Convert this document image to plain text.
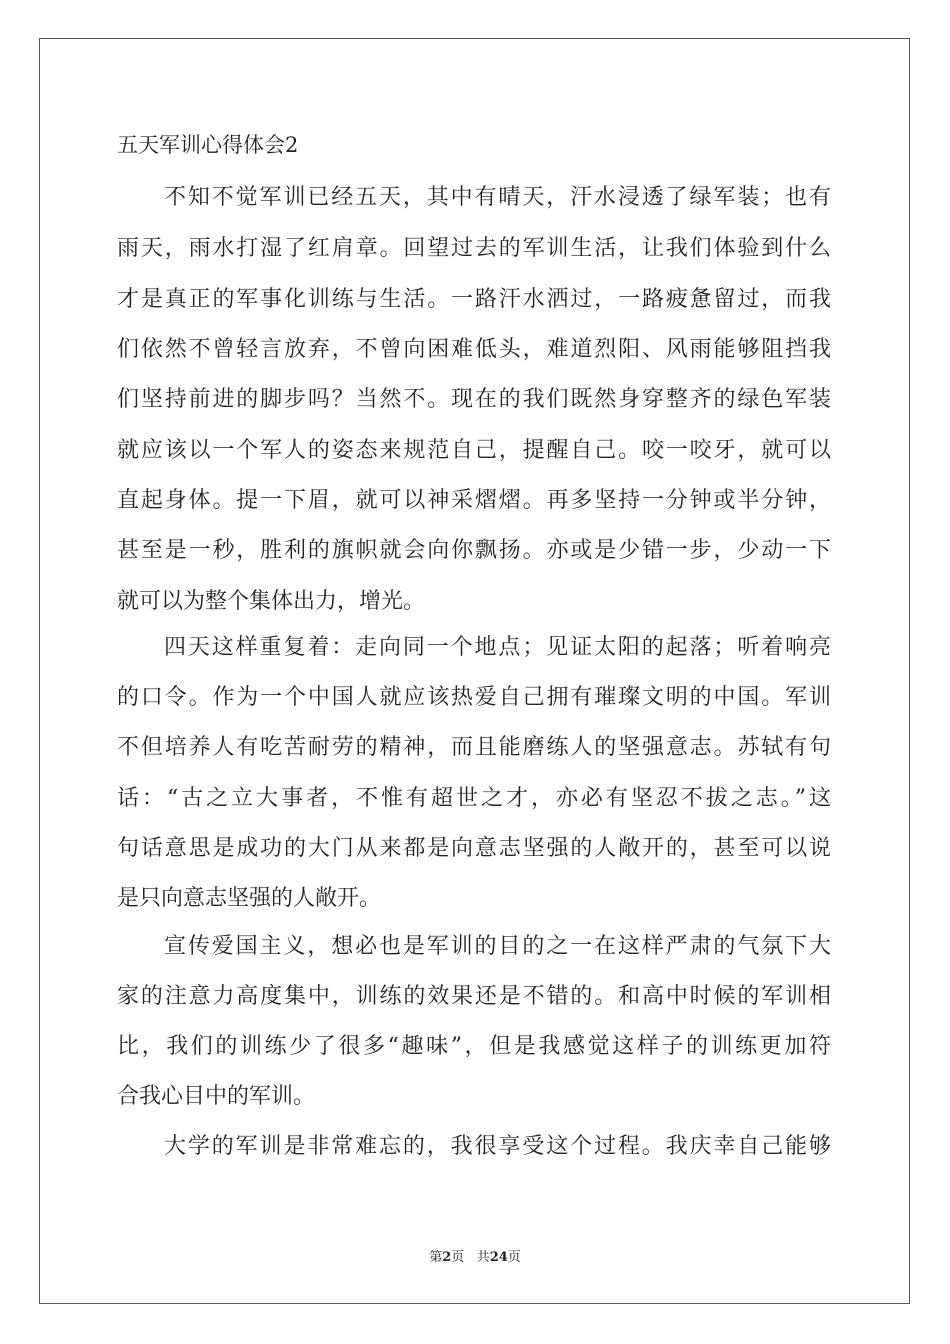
五天军训心得体会2
不知不觉军训已经五天，其中有晴天，汗水浸透了绿军装；也有
雨天，雨水打湿了红肩章。回望过去的军训生活，让我们体验到什么
才是真正的军事化训练与生活。一路汗水洒过，一路疲惫留过，而我
们依然不曾轻言放弃，不曾向困难低头，难道烈阳、风雨能够阻挡我
们坚持前进的脚步吗？当然不。现在的我们既然身穿整齐的绿色军装
就应该以一个军人的姿态来规范自己，提醒自己。咬一咬牙，就可以
直起身体。提一下眉，就可以神采熠熠。再多坚持一分钟或半分钟，
甚至是一秒，胜利的旗帜就会向你飘扬。亦或是少错一步，少动一下
就可以为整个集体出力，增光。
四天这样重复着：走向同一个地点；见证太阳的起落；听着响亮
的口令。作为一个中国人就应该热爱自己拥有璀璨文明的中国。军训
不但培养人有吃苦耐劳的精神，而且能磨练人的坚强意志。苏轼有句
话：“古之立大事者，不惟有超世之才，亦必有坚忍不拔之志。”这
句话意思是成功的大门从来都是向意志坚强的人敞开的，甚至可以说
是只向意志坚强的人敞开。
宣传爱国主义，想必也是军训的目的之一在这样严肃的气氛下大
家的注意力高度集中，训练的效果还是不错的。和高中时候的军训相
比，我们的训练少了很多“趣味”，但是我感觉这样子的训练更加符
合我心目中的军训。
大学的军训是非常难忘的，我很享受这个过程。我庆幸自己能够
第2页 共24页
